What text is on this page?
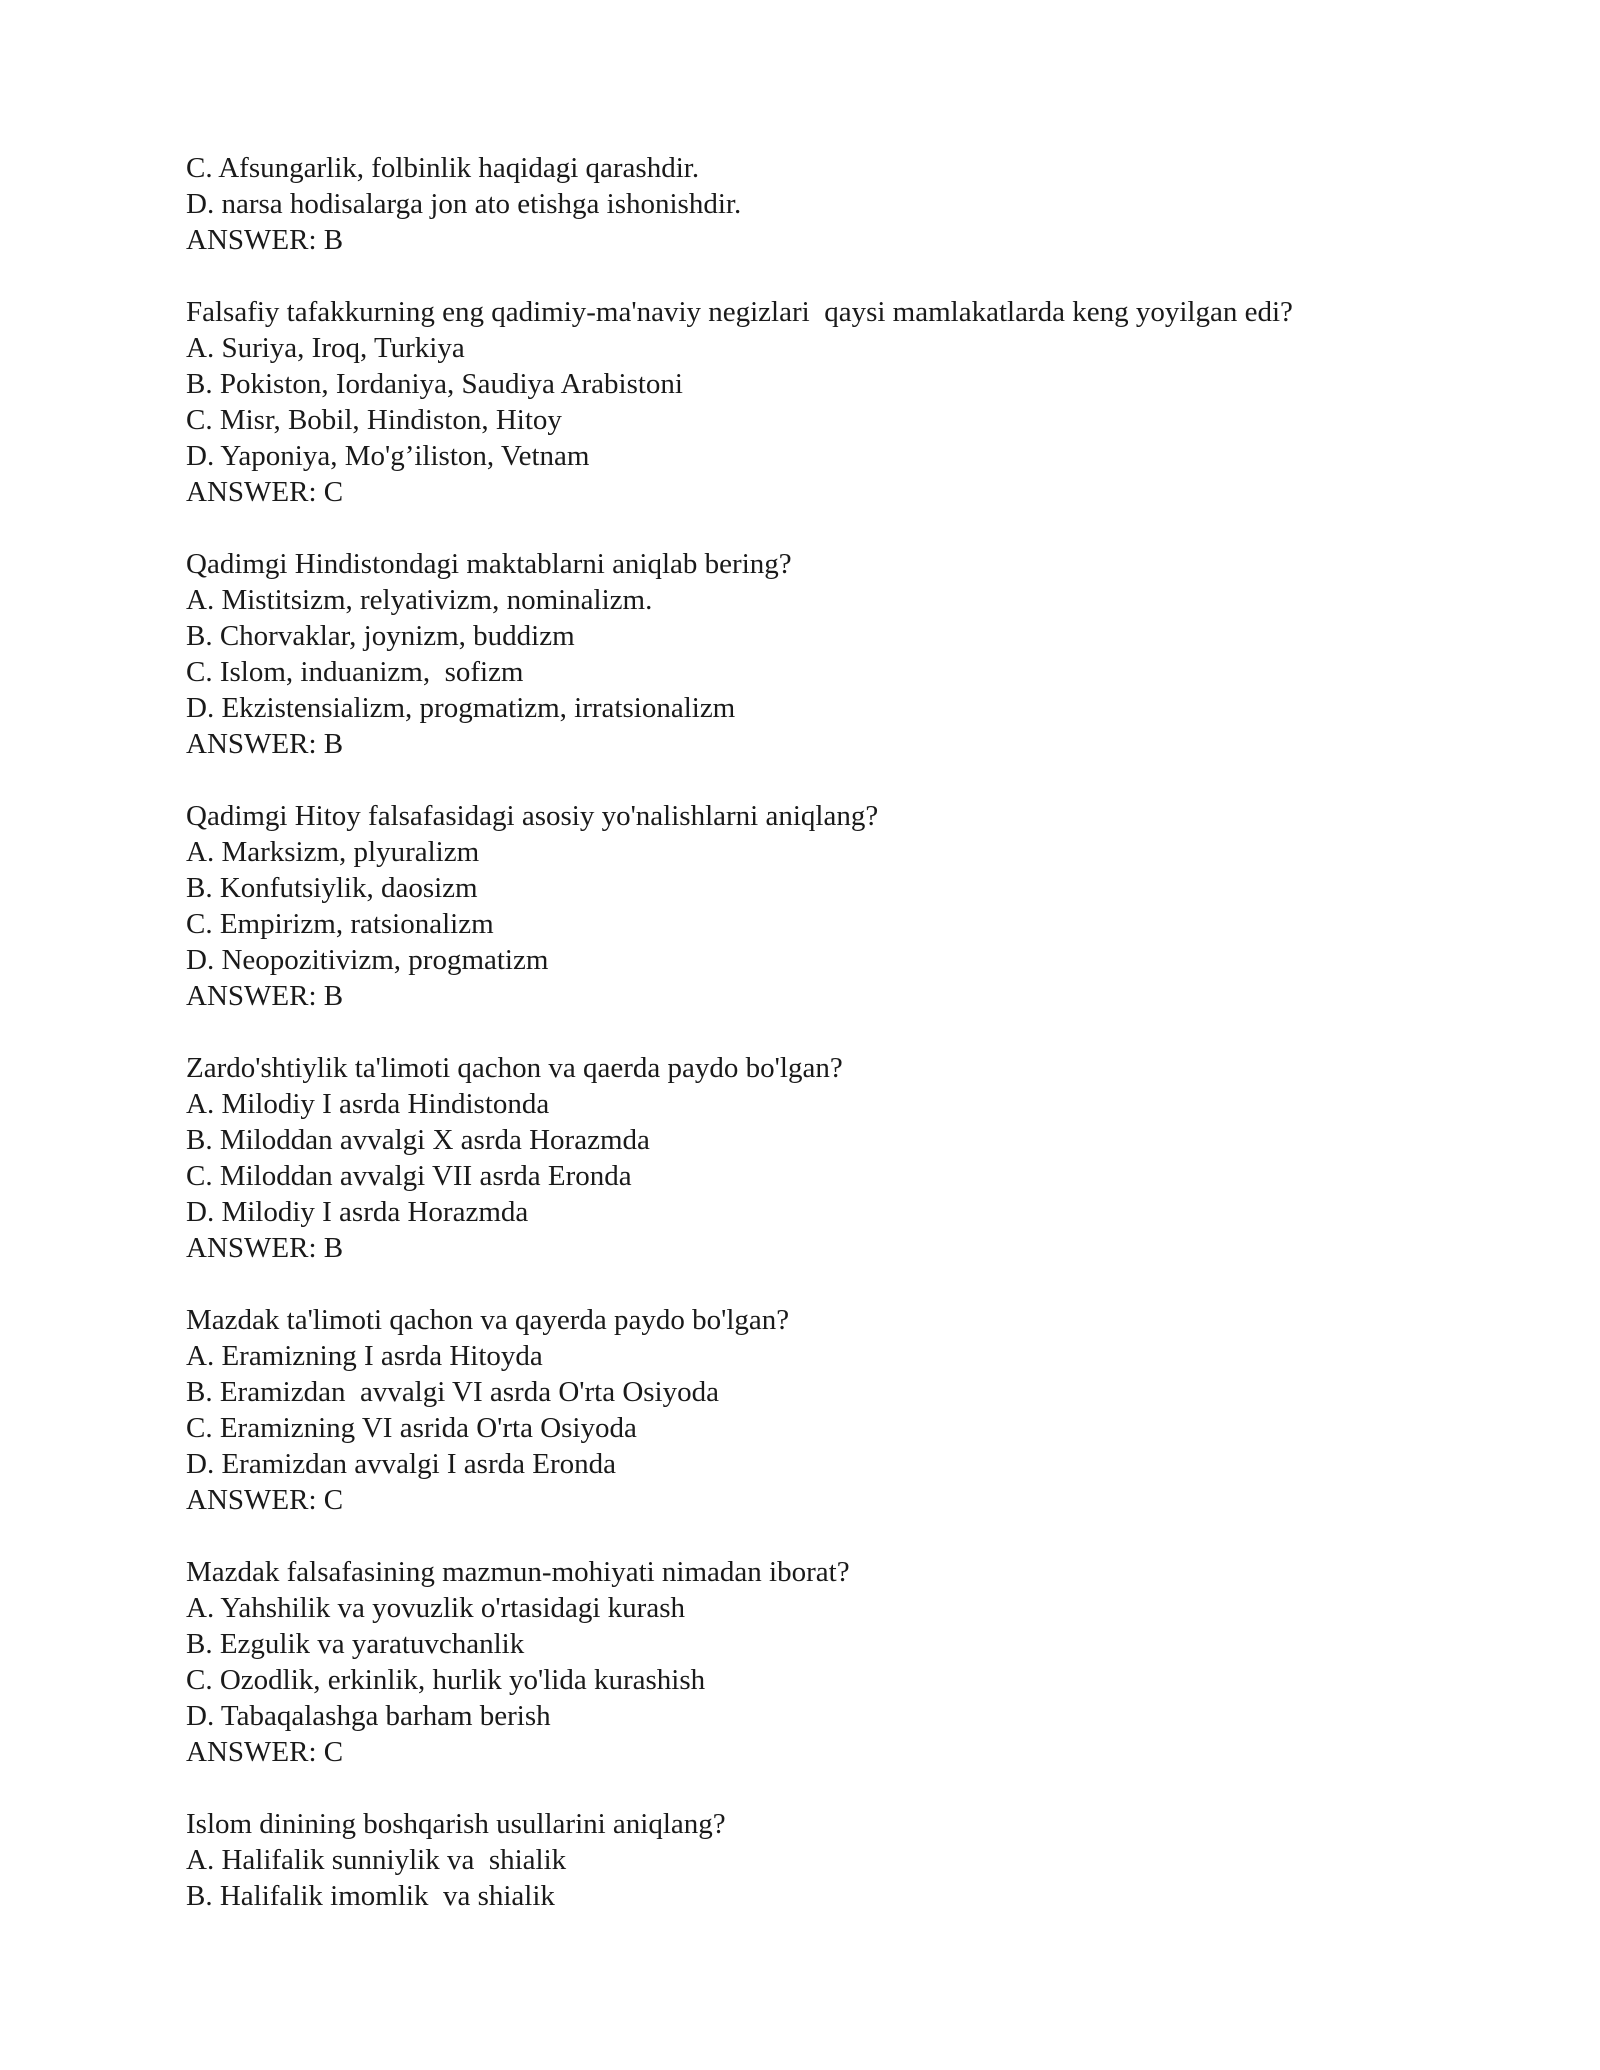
C. Afsungarlik, folbinlik haqidagi qarashdir.
D. narsa hodisalarga jon ato etishga ishonishdir.
ANSWER: B
Falsafiy tafakkurning eng qadimiy-ma'naviy negizlari  qaysi mamlakatlarda keng yoyilgan edi?
A. Suriya, Iroq, Turkiya
B. Pokiston, Iordaniya, Saudiya Arabistoni
C. Misr, Bobil, Hindiston, Hitoy
D. Yaponiya, Mo'g’iliston, Vetnam
ANSWER: C
Qadimgi Hindistondagi maktablarni aniqlab bering?
A. Mistitsizm, relyativizm, nominalizm.
B. Chorvaklar, joynizm, buddizm
C. Islom, induanizm,  sofizm
D. Ekzistensializm, progmatizm, irratsionalizm
ANSWER: B
Qadimgi Hitoy falsafasidagi asosiy yo'nalishlarni aniqlang?
A. Marksizm, plyuralizm
B. Konfutsiylik, daosizm
C. Empirizm, ratsionalizm
D. Neopozitivizm, progmatizm
ANSWER: B
Zardo'shtiylik ta'limoti qachon va qaerda paydo bo'lgan?
A. Milodiy I asrda Hindistonda
B. Miloddan avvalgi X asrda Horazmda
C. Miloddan avvalgi VII asrda Eronda
D. Milodiy I asrda Horazmda
ANSWER: B
Mazdak ta'limoti qachon va qayerda paydo bo'lgan?
A. Eramizning I asrda Hitoyda
B. Eramizdan  avvalgi VI asrda O'rta Osiyoda
C. Eramizning VI asrida O'rta Osiyoda
D. Eramizdan avvalgi I asrda Eronda
ANSWER: C
Mazdak falsafasining mazmun-mohiyati nimadan iborat?
A. Yahshilik va yovuzlik o'rtasidagi kurash
B. Ezgulik va yaratuvchanlik
C. Ozodlik, erkinlik, hurlik yo'lida kurashish
D. Tabaqalashga barham berish
ANSWER: C
Islom dinining boshqarish usullarini aniqlang?
A. Halifalik sunniylik va  shialik
B. Halifalik imomlik  va shialik
